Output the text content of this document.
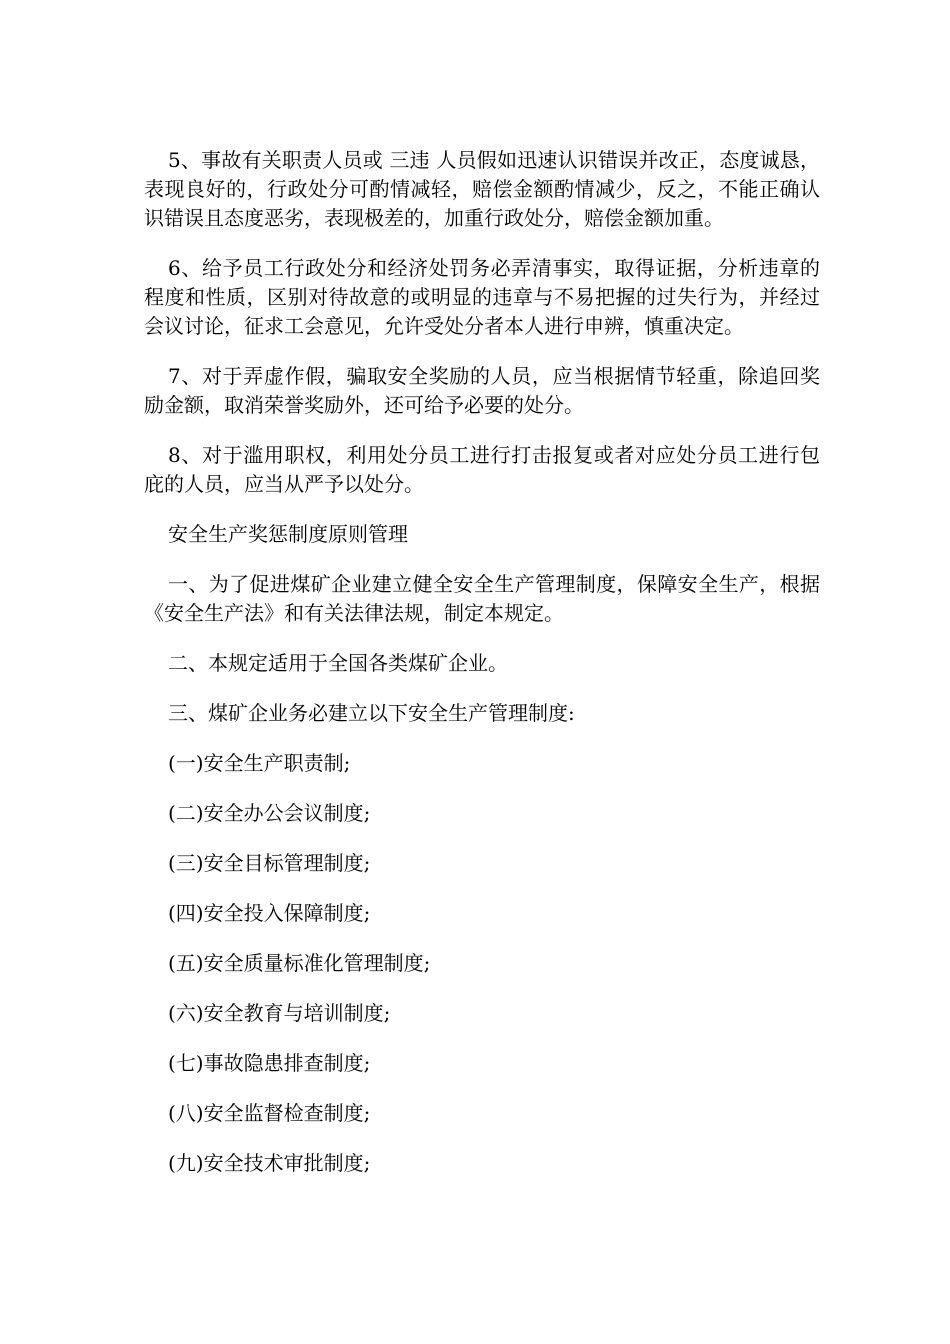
5、事故有关职责人员或 三违 人员假如迅速认识错误并改正，态度诚恳，表现良好的，行政处分可酌情减轻，赔偿金额酌情减少，反之，不能正确认识错误且态度恶劣，表现极差的，加重行政处分，赔偿金额加重。

6、给予员工行政处分和经济处罚务必弄清事实，取得证据，分析违章的程度和性质，区别对待故意的或明显的违章与不易把握的过失行为，并经过会议讨论，征求工会意见，允许受处分者本人进行申辨，慎重决定。

7、对于弄虚作假，骗取安全奖励的人员，应当根据情节轻重，除追回奖励金额，取消荣誉奖励外，还可给予必要的处分。

8、对于滥用职权，利用处分员工进行打击报复或者对应处分员工进行包庇的人员，应当从严予以处分。

安全生产奖惩制度原则管理

一、为了促进煤矿企业建立健全安全生产管理制度，保障安全生产，根据《安全生产法》和有关法律法规，制定本规定。

二、本规定适用于全国各类煤矿企业。

三、煤矿企业务必建立以下安全生产管理制度:

(一)安全生产职责制;

(二)安全办公会议制度;

(三)安全目标管理制度;

(四)安全投入保障制度;

(五)安全质量标准化管理制度;

(六)安全教育与培训制度;

(七)事故隐患排查制度;

(八)安全监督检查制度;

(九)安全技术审批制度;
